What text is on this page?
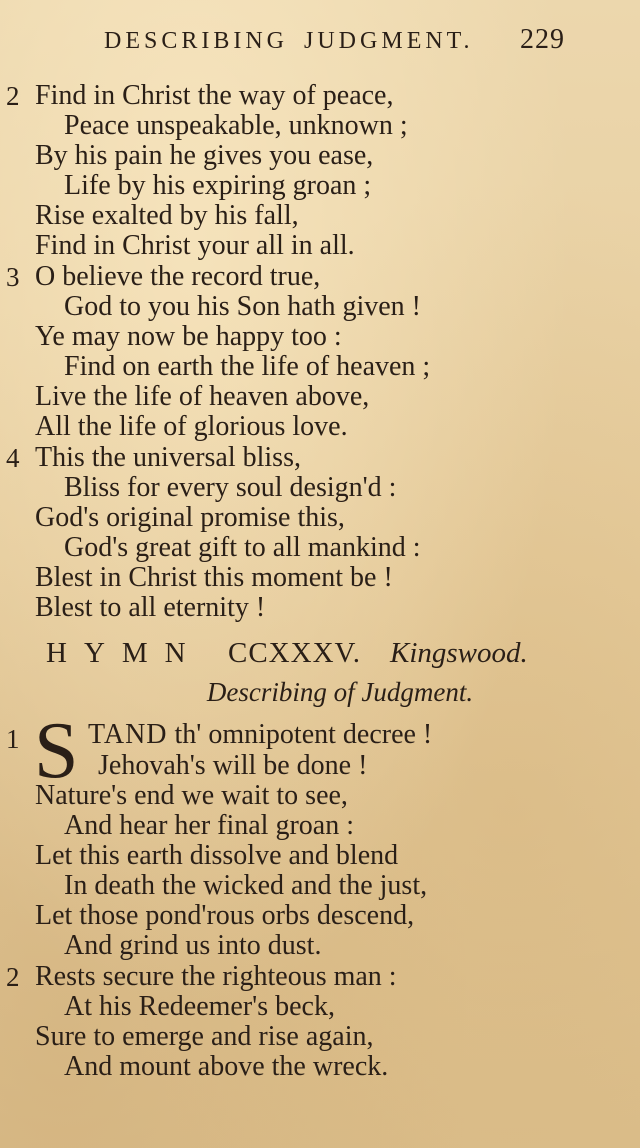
DESCRIBING JUDGMENT. 229
2 Find in Christ the way of peace,
Peace unspeakable, unknown ;
By his pain he gives you ease,
Life by his expiring groan ;
Rise exalted by his fall,
Find in Christ your all in all.
3 O believe the record true,
God to you his Son hath given !
Ye may now be happy too :
Find on earth the life of heaven ;
Live the life of heaven above,
All the life of glorious love.
4 This the universal bliss,
Bliss for every soul design'd :
God's original promise this,
God's great gift to all mankind :
Blest in Christ this moment be !
Blest to all eternity !
HYMN CCXXXV. Kingswood.
Describing of Judgment.
1 S TAND th' omnipotent decree !
Jehovah's will be done !
Nature's end we wait to see,
And hear her final groan :
Let this earth dissolve and blend
In death the wicked and the just,
Let those pond'rous orbs descend,
And grind us into dust.
2 Rests secure the righteous man :
At his Redeemer's beck,
Sure to emerge and rise again,
And mount above the wreck.
